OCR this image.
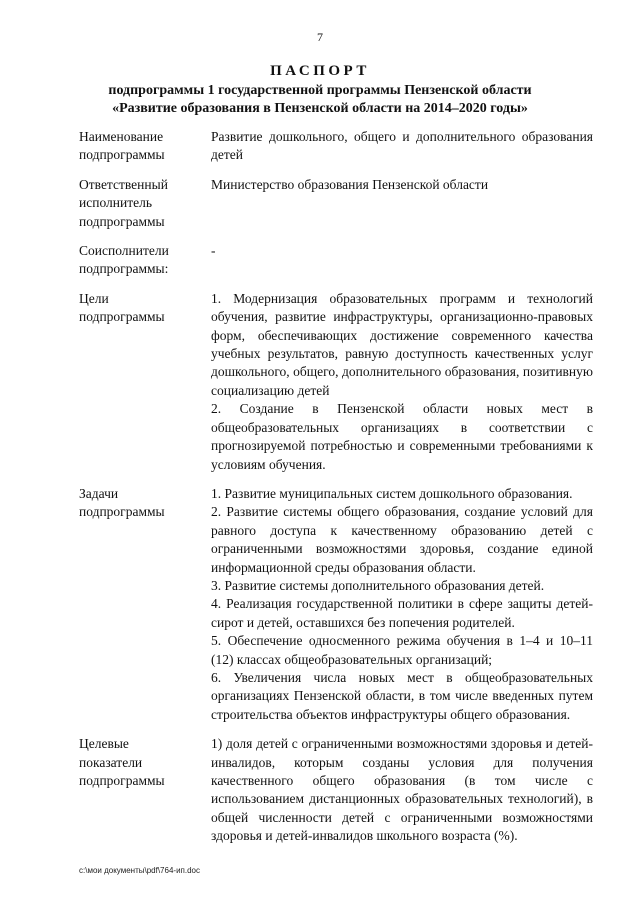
7
ПАСПОРТ
подпрограммы 1 государственной программы Пензенской области
«Развитие образования в Пензенской области на 2014–2020 годы»
Наименование
подпрограммы
Развитие дошкольного, общего и дополнительного образования детей
Ответственный
исполнитель
подпрограммы
Министерство образования Пензенской области
Соисполнители
подпрограммы:
-
Цели
подпрограммы

1. Модернизация образовательных программ и технологий обучения, развитие инфраструктуры, организационно-правовых форм, обеспечивающих достижение современного качества учебных результатов, равную доступность качественных услуг дошкольного, общего, дополнительного образования, позитивную социализацию детей

2. Создание в Пензенской области новых мест в общеобразовательных организациях в соответствии с прогнозируемой потребностью и современными требованиями к условиям обучения.

Задачи
подпрограммы

1. Развитие муниципальных систем дошкольного образования.

2. Развитие системы общего образования, создание условий для равного доступа к качественному образованию детей с ограниченными возможностями здоровья, создание единой информационной среды образования области.

3. Развитие системы дополнительного образования детей.

4. Реализация государственной политики в сфере защиты детей-сирот и детей, оставшихся без попечения родителей.

5. Обеспечение односменного режима обучения в 1–4 и 10–11 (12) классах общеобразовательных организаций;

6. Увеличения числа новых мест в общеобразовательных организациях Пензенской области, в том числе введенных путем строительства объектов инфраструктуры общего образования.

Целевые
показатели
подпрограммы

1) доля детей с ограниченными возможностями здоровья и детей-инвалидов, которым созданы условия для получения качественного общего образования (в том числе с использованием дистанционных образовательных технологий), в общей численности детей с ограниченными возможностями здоровья и детей-инвалидов школьного возраста (%).

c:\мои документы\pdf\764-ип.doc
